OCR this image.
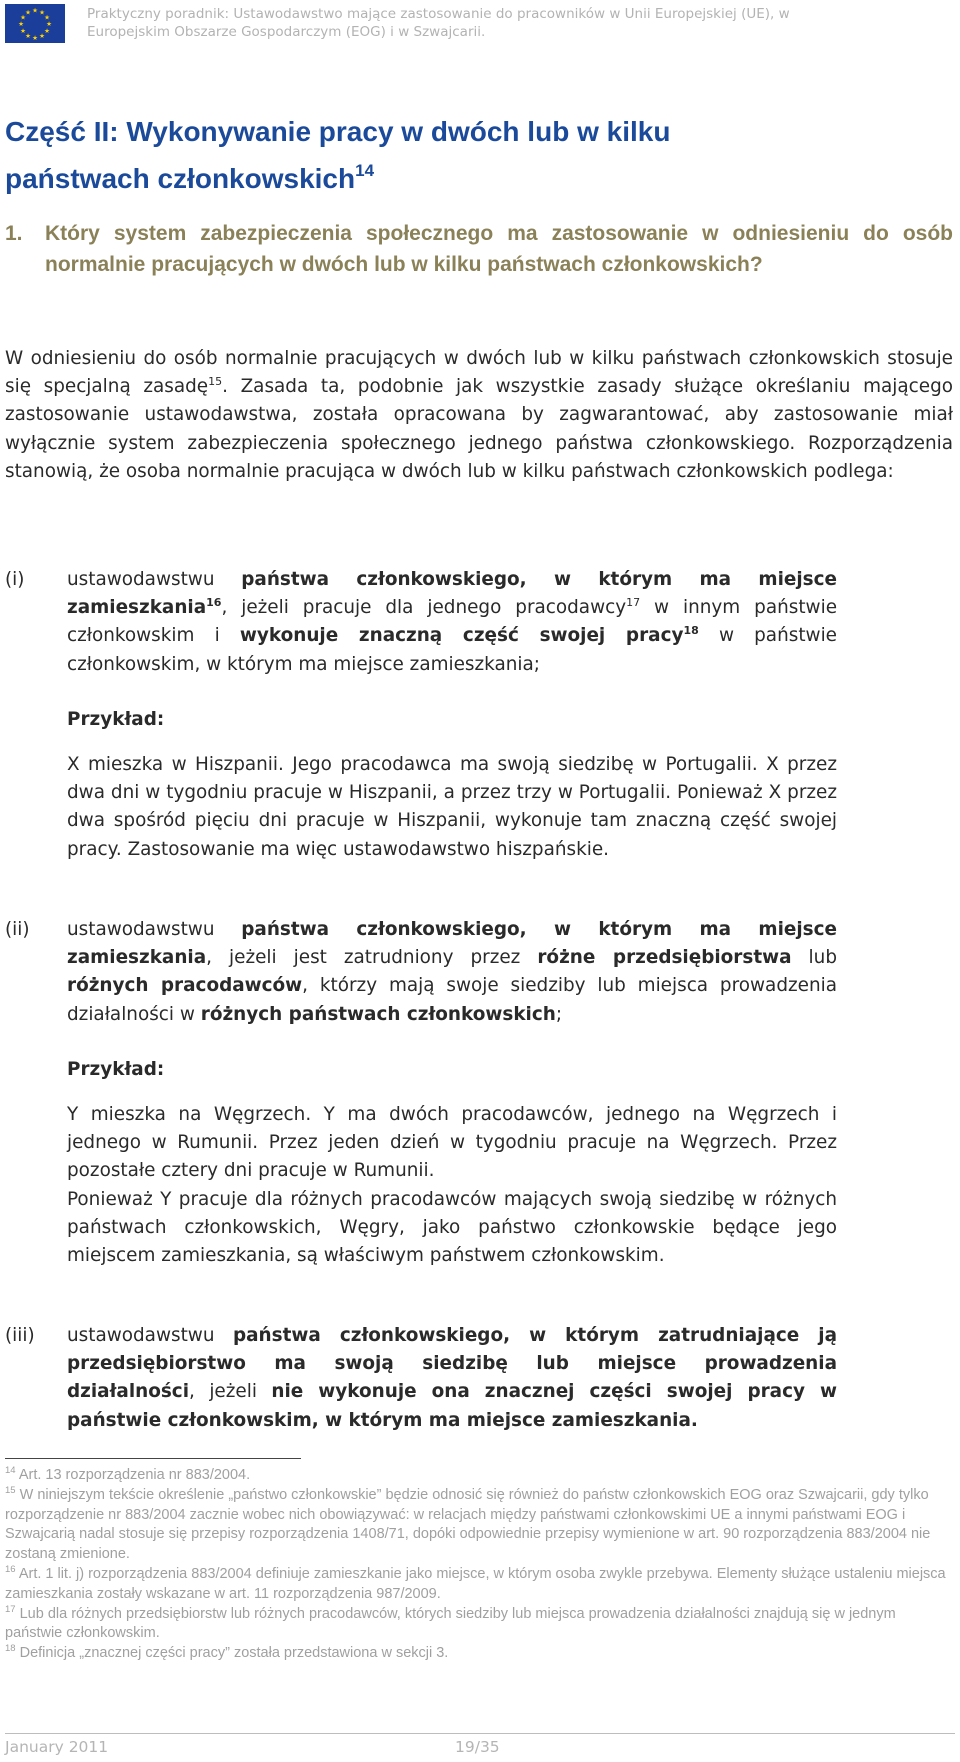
★ ★
★
★
★
★
★
★
★
★
★
★	Praktyczny poradnik: Ustawodawstwo mające zastosowanie do pracowników w Unii Europejskiej (UE), w
Europejskim Obszarze Gospodarczym (EOG) i w Szwajcarii.
Część II: Wykonywanie pracy w dwóch lub w kilku
państwach członkowskich$^{14}$
1. Który system zabezpieczenia społecznego ma zastosowanie w odniesieniu do osób normalnie pracujących w dwóch lub w kilku państwach członkowskich?
W odniesieniu do osób normalnie pracujących w dwóch lub w kilku państwach członkowskich stosuje się specjalną zasadę$^{15}$. Zasada ta, podobnie jak wszystkie zasady służące określaniu mającego zastosowanie ustawodawstwa, została opracowana by zagwarantować, aby zastosowanie miał wyłącznie system zabezpieczenia społecznego jednego państwa członkowskiego. Rozporządzenia stanowią, że osoba normalnie pracująca w dwóch lub w kilku państwach członkowskich podlega:
(i) ustawodawstwu państwa członkowskiego, w którym ma miejsce zamieszkania$^{16}$, jeżeli pracuje dla jednego pracodawcy$^{17}$ w innym państwie członkowskim i wykonuje znaczną część swojej pracy$^{18}$ w państwie członkowskim, w którym ma miejsce zamieszkania;
Przykład:
X mieszka w Hiszpanii. Jego pracodawca ma swoją siedzibę w Portugalii. X przez dwa dni w tygodniu pracuje w Hiszpanii, a przez trzy w Portugalii. Ponieważ X przez dwa spośród pięciu dni pracuje w Hiszpanii, wykonuje tam znaczną część swojej pracy. Zastosowanie ma więc ustawodawstwo hiszpańskie.
(ii) ustawodawstwu państwa członkowskiego, w którym ma miejsce zamieszkania, jeżeli jest zatrudniony przez różne przedsiębiorstwa lub różnych pracodawców, którzy mają swoje siedziby lub miejsca prowadzenia działalności w różnych państwach członkowskich;
Przykład:
Y mieszka na Węgrzech. Y ma dwóch pracodawców, jednego na Węgrzech i jednego w Rumunii. Przez jeden dzień w tygodniu pracuje na Węgrzech. Przez pozostałe cztery dni pracuje w Rumunii.
Ponieważ Y pracuje dla różnych pracodawców mających swoją siedzibę w różnych państwach członkowskich, Węgry, jako państwo członkowskie będące jego miejscem zamieszkania, są właściwym państwem członkowskim.
(iii) ustawodawstwu państwa członkowskiego, w którym zatrudniające ją przedsiębiorstwo ma swoją siedzibę lub miejsce prowadzenia działalności, jeżeli nie wykonuje ona znacznej części swojej pracy w państwie członkowskim, w którym ma miejsce zamieszkania.
$^{14}$ Art. 13 rozporządzenia nr 883/2004.
$^{15}$ W niniejszym tekście określenie „państwo członkowskie” będzie odnosić się również do państw członkowskich EOG oraz Szwajcarii, gdy tylko rozporządzenie nr 883/2004 zacznie wobec nich obowiązywać: w relacjach między państwami członkowskimi UE a innymi państwami EOG i Szwajcarią nadal stosuje się przepisy rozporządzenia 1408/71, dopóki odpowiednie przepisy wymienione w art. 90 rozporządzenia 883/2004 nie zostaną zmienione.
$^{16}$ Art. 1 lit. j) rozporządzenia 883/2004 definiuje zamieszkanie jako miejsce, w którym osoba zwykle przebywa. Elementy służące ustaleniu miejsca zamieszkania zostały wskazane w art. 11 rozporządzenia 987/2009.
$^{17}$ Lub dla różnych przedsiębiorstw lub różnych pracodawców, których siedziby lub miejsca prowadzenia działalności znajdują się w jednym państwie członkowskim.
$^{18}$ Definicja „znacznej części pracy” została przedstawiona w sekcji 3.
January 2011	19/35
